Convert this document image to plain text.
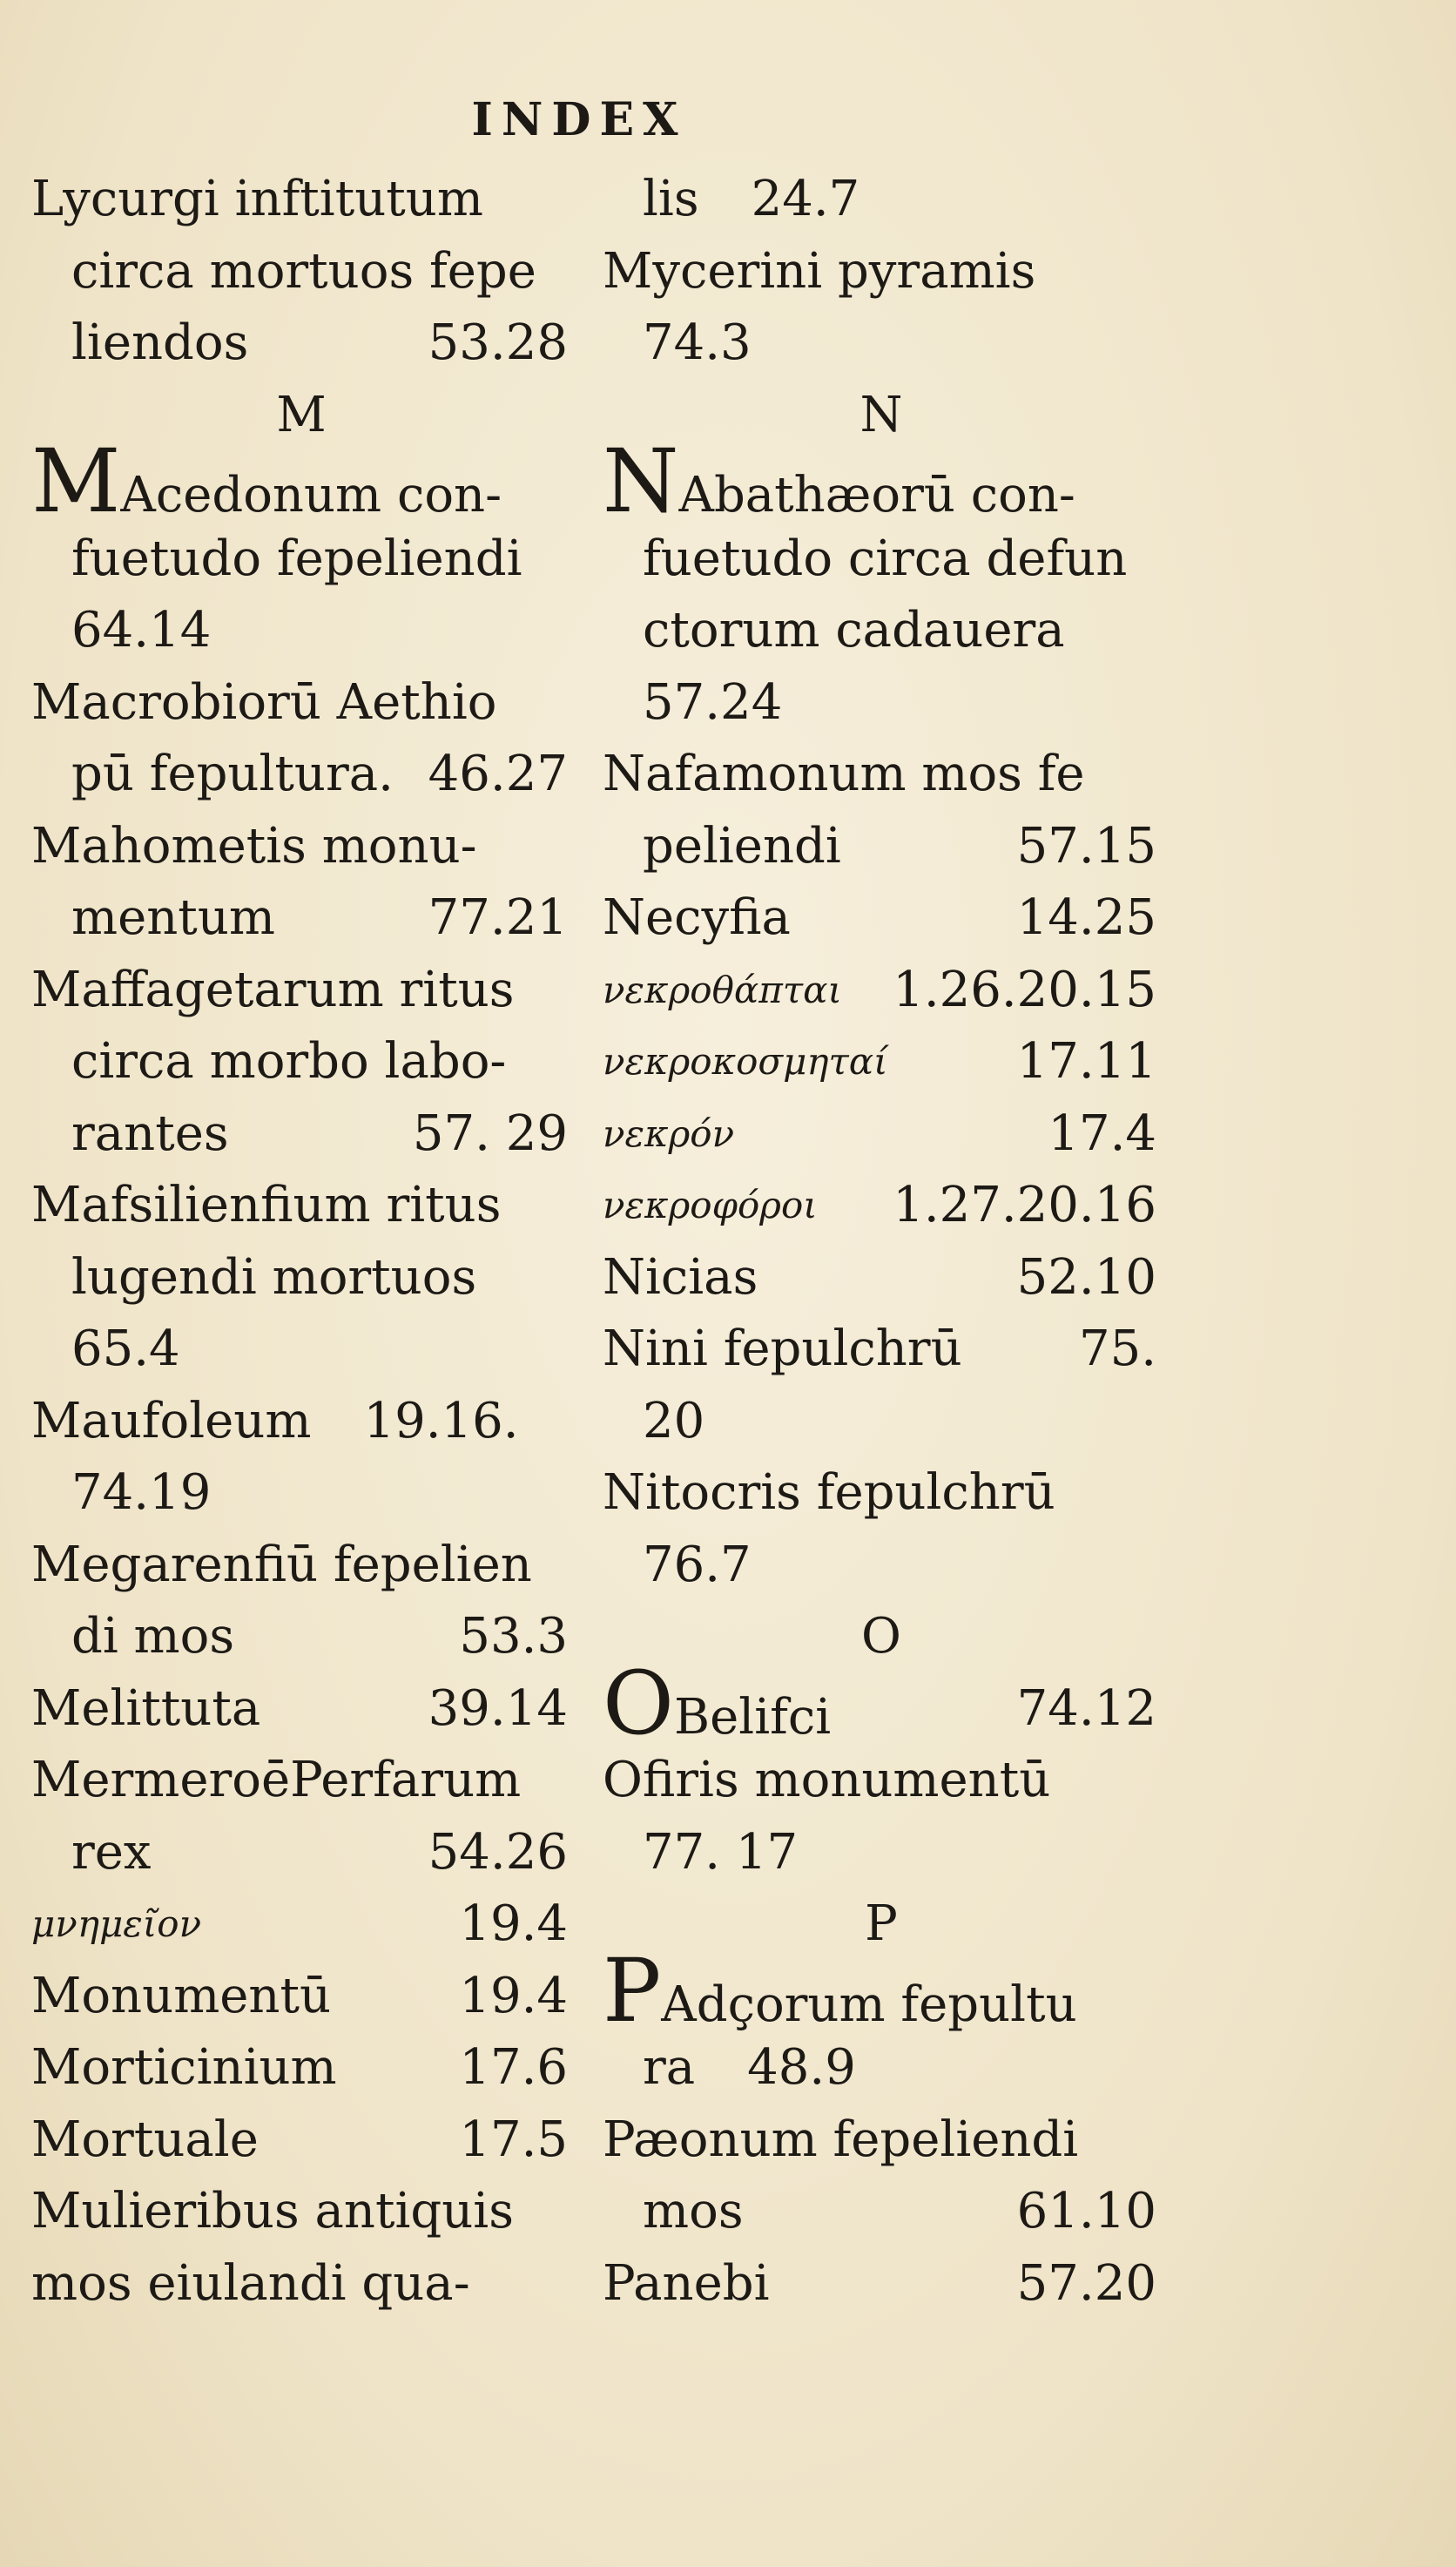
INDEX
Lycurgi inftitutum
circa mortuos fepe
liendos	53.28
M
MAcedonum con-
fuetudo fepeliendi
64.14
Macrobiorū Aethio
pū fepultura. 46.27
Mahometis monu-
mentum	77.21
Maffagetarum ritus
circa morbo labo-
rantes	57. 29
Mafsilienfium ritus
lugendi mortuos
65.4
Maufoleum 19.16.
74.19
Megarenfiū fepelien
di mos	53.3
Melittuta	39.14
MermeroēPerfarum
rex	54.26
μνημεῖον	19.4
Monumentū	19.4
Morticinium	17.6
Mortuale	17.5
Mulieribus antiquis
mos eiulandi qua-
lis 24.7
Mycerini pyramis
74.3
N
NAbathæorū con-
fuetudo circa defun
ctorum cadauera
57.24
Nafamonum mos fe
peliendi	57.15
Necyfia	14.25
νεκροθάπται 1.26.20.15
νεκροκοσμηταί	17.11
νεκρόν	17.4
νεκροφόροι 1.27.20.16
Nicias	52.10
Nini fepulchrū 75.
20
Nitocris fepulchrū
76.7
O
OBelifci	74.12
Ofiris monumentū
77. 17
P
PAdçorum fepultu
ra 48.9
Pæonum fepeliendi
mos	61.10
Panebi	57.20
